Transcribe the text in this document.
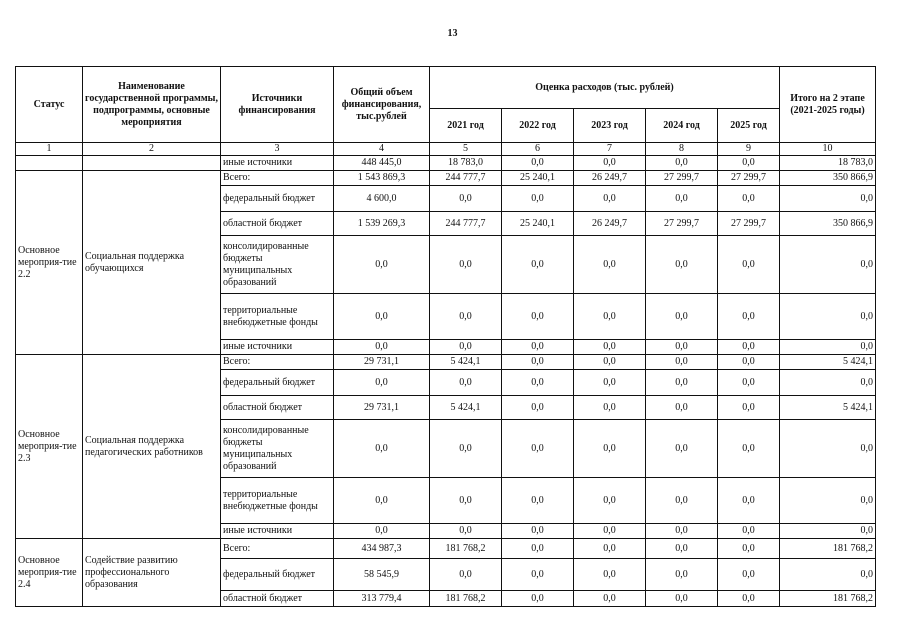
13
Статус	Наименование государственной программы, подпрограммы, основные мероприятия	Источники финансирования	Общий объем финансирования, тыс.рублей	Оценка расходов (тыс. рублей)					Итого на 2 этапе (2021-2025 годы)
				2021 год	2022 год	2023 год	2024 год	2025 год	
1	2	3	4	5	6	7	8	9	10
		иные источники	448 445,0	18 783,0	0,0	0,0	0,0	0,0	18 783,0
Основное мероприя-тие 2.2	Социальная поддержка обучающихся	Всего:	1 543 869,3	244 777,7	25 240,1	26 249,7	27 299,7	27 299,7	350 866,9
		федеральный бюджет	4 600,0	0,0	0,0	0,0	0,0	0,0	0,0
		областной бюджет	1 539 269,3	244 777,7	25 240,1	26 249,7	27 299,7	27 299,7	350 866,9
		консолидированные бюджеты муниципальных образований	0,0	0,0	0,0	0,0	0,0	0,0	0,0
		территориальные внебюджетные фонды	0,0	0,0	0,0	0,0	0,0	0,0	0,0
		иные источники	0,0	0,0	0,0	0,0	0,0	0,0	0,0
Основное мероприя-тие 2.3	Социальная поддержка педагогических работников	Всего:	29 731,1	5 424,1	0,0	0,0	0,0	0,0	5 424,1
		федеральный бюджет	0,0	0,0	0,0	0,0	0,0	0,0	0,0
		областной бюджет	29 731,1	5 424,1	0,0	0,0	0,0	0,0	5 424,1
		консолидированные бюджеты муниципальных образований	0,0	0,0	0,0	0,0	0,0	0,0	0,0
		территориальные внебюджетные фонды	0,0	0,0	0,0	0,0	0,0	0,0	0,0
		иные источники	0,0	0,0	0,0	0,0	0,0	0,0	0,0
Основное мероприя-тие 2.4	Содействие развитию профессионального образования	Всего:	434 987,3	181 768,2	0,0	0,0	0,0	0,0	181 768,2
		федеральный бюджет	58 545,9	0,0	0,0	0,0	0,0	0,0	0,0
		областной бюджет	313 779,4	181 768,2	0,0	0,0	0,0	0,0	181 768,2
